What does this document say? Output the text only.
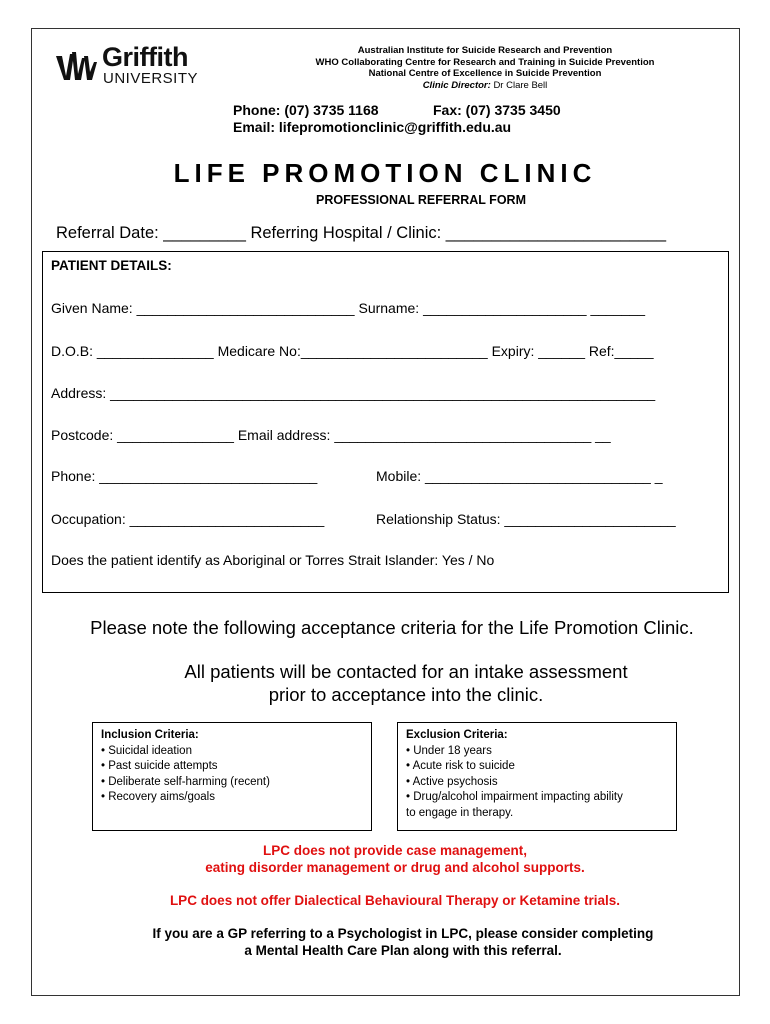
Griffith
UNIVERSITY
Australian Institute for Suicide Research and Prevention
WHO Collaborating Centre for Research and Training in Suicide Prevention
National Centre of Excellence in Suicide Prevention
Clinic Director: Dr Clare Bell
Phone: (07) 3735 1168	Fax: (07) 3735 3450
Email: lifepromotionclinic@griffith.edu.au
LIFE PROMOTION CLINIC
PROFESSIONAL REFERRAL FORM
Referral Date: _________ Referring Hospital / Clinic: ________________________
PATIENT DETAILS:
Given Name: ____________________________ Surname: _____________________ _______
D.O.B: _______________ Medicare No:________________________ Expiry: ______ Ref:_____
Address: ______________________________________________________________________
Postcode: _______________ Email address: _________________________________ __
Phone: ____________________________	Mobile: _____________________________ _
Occupation: _________________________	Relationship Status: ______________________
Does the patient identify as Aboriginal or Torres Strait Islander: Yes / No
Please note the following acceptance criteria for the Life Promotion Clinic.
All patients will be contacted for an intake assessment
prior to acceptance into the clinic.
Inclusion Criteria:
• Suicidal ideation
• Past suicide attempts
• Deliberate self-harming (recent)
• Recovery aims/goals
Exclusion Criteria:
• Under 18 years
• Acute risk to suicide
• Active psychosis
• Drug/alcohol impairment impacting ability
to engage in therapy.
LPC does not provide case management,
eating disorder management or drug and alcohol supports.
LPC does not offer Dialectical Behavioural Therapy or Ketamine trials.
If you are a GP referring to a Psychologist in LPC, please consider completing
a Mental Health Care Plan along with this referral.
